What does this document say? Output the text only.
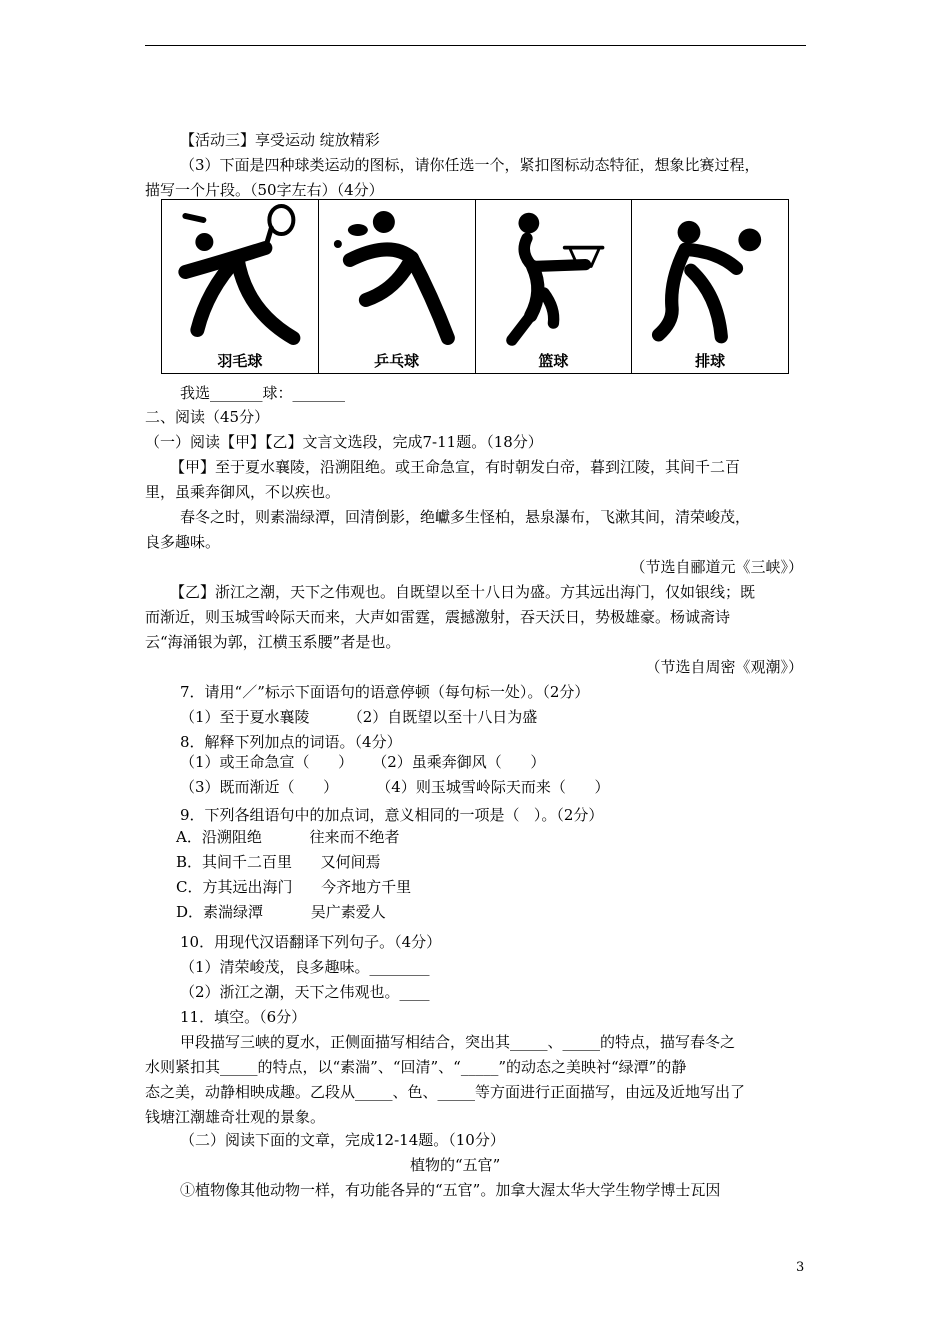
【活动三】享受运动 绽放精彩
（3）下面是四种球类运动的图标，请你任选一个，紧扣图标动态特征，想象比赛过程，
描写一个片段。（50字左右）（4分）
羽毛球	乒乓球	篮球	排球
我选_______球：_______
二、阅读（45分）
（一）阅读【甲】【乙】文言文选段，完成7-11题。（18分）
【甲】至于夏水襄陵，沿溯阻绝。或王命急宣，有时朝发白帝，暮到江陵，其间千二百
里，虽乘奔御风，不以疾也。
春冬之时，则素湍绿潭，回清倒影，绝巘多生怪柏，悬泉瀑布，飞漱其间，清荣峻茂，
良多趣味。
（节选自郦道元《三峡》）
【乙】浙江之潮，天下之伟观也。自既望以至十八日为盛。方其远出海门，仅如银线；既
而渐近，则玉城雪岭际天而来，大声如雷霆，震撼激射，吞天沃日，势极雄豪。杨诚斋诗
云“海涌银为郭，江横玉系腰”者是也。
（节选自周密《观潮》）
7．请用“／”标示下面语句的语意停顿（每句标一处）。（2分）
（1）至于夏水襄陵        （2）自既望以至十八日为盛
8．解释下列加点的词语。（4分）
（1）或王命急宣（      ）    （2）虽乘奔御风（      ）
（3）既而渐近（      ）        （4）则玉城雪岭际天而来（      ）
9．下列各组语句中的加点词，意义相同的一项是（   ）。（2分）
A．沿溯阻绝          往来而不绝者
B．其间千二百里      又何间焉
C．方其远出海门      今齐地方千里
D．素湍绿潭          吴广素爱人
10．用现代汉语翻译下列句子。（4分）
（1）清荣峻茂，良多趣味。________
（2）浙江之潮，天下之伟观也。____
11．填空。（6分）
甲段描写三峡的夏水，正侧面描写相结合，突出其_____、_____的特点，描写春冬之
水则紧扣其_____的特点，以“素湍”、“回清”、“_____”的动态之美映衬“绿潭”的静
态之美，动静相映成趣。乙段从_____、色、_____等方面进行正面描写，由远及近地写出了
钱塘江潮雄奇壮观的景象。
（二）阅读下面的文章，完成12-14题。（10分）
植物的“五官”
①植物像其他动物一样，有功能各异的“五官”。加拿大渥太华大学生物学博士瓦因
3
